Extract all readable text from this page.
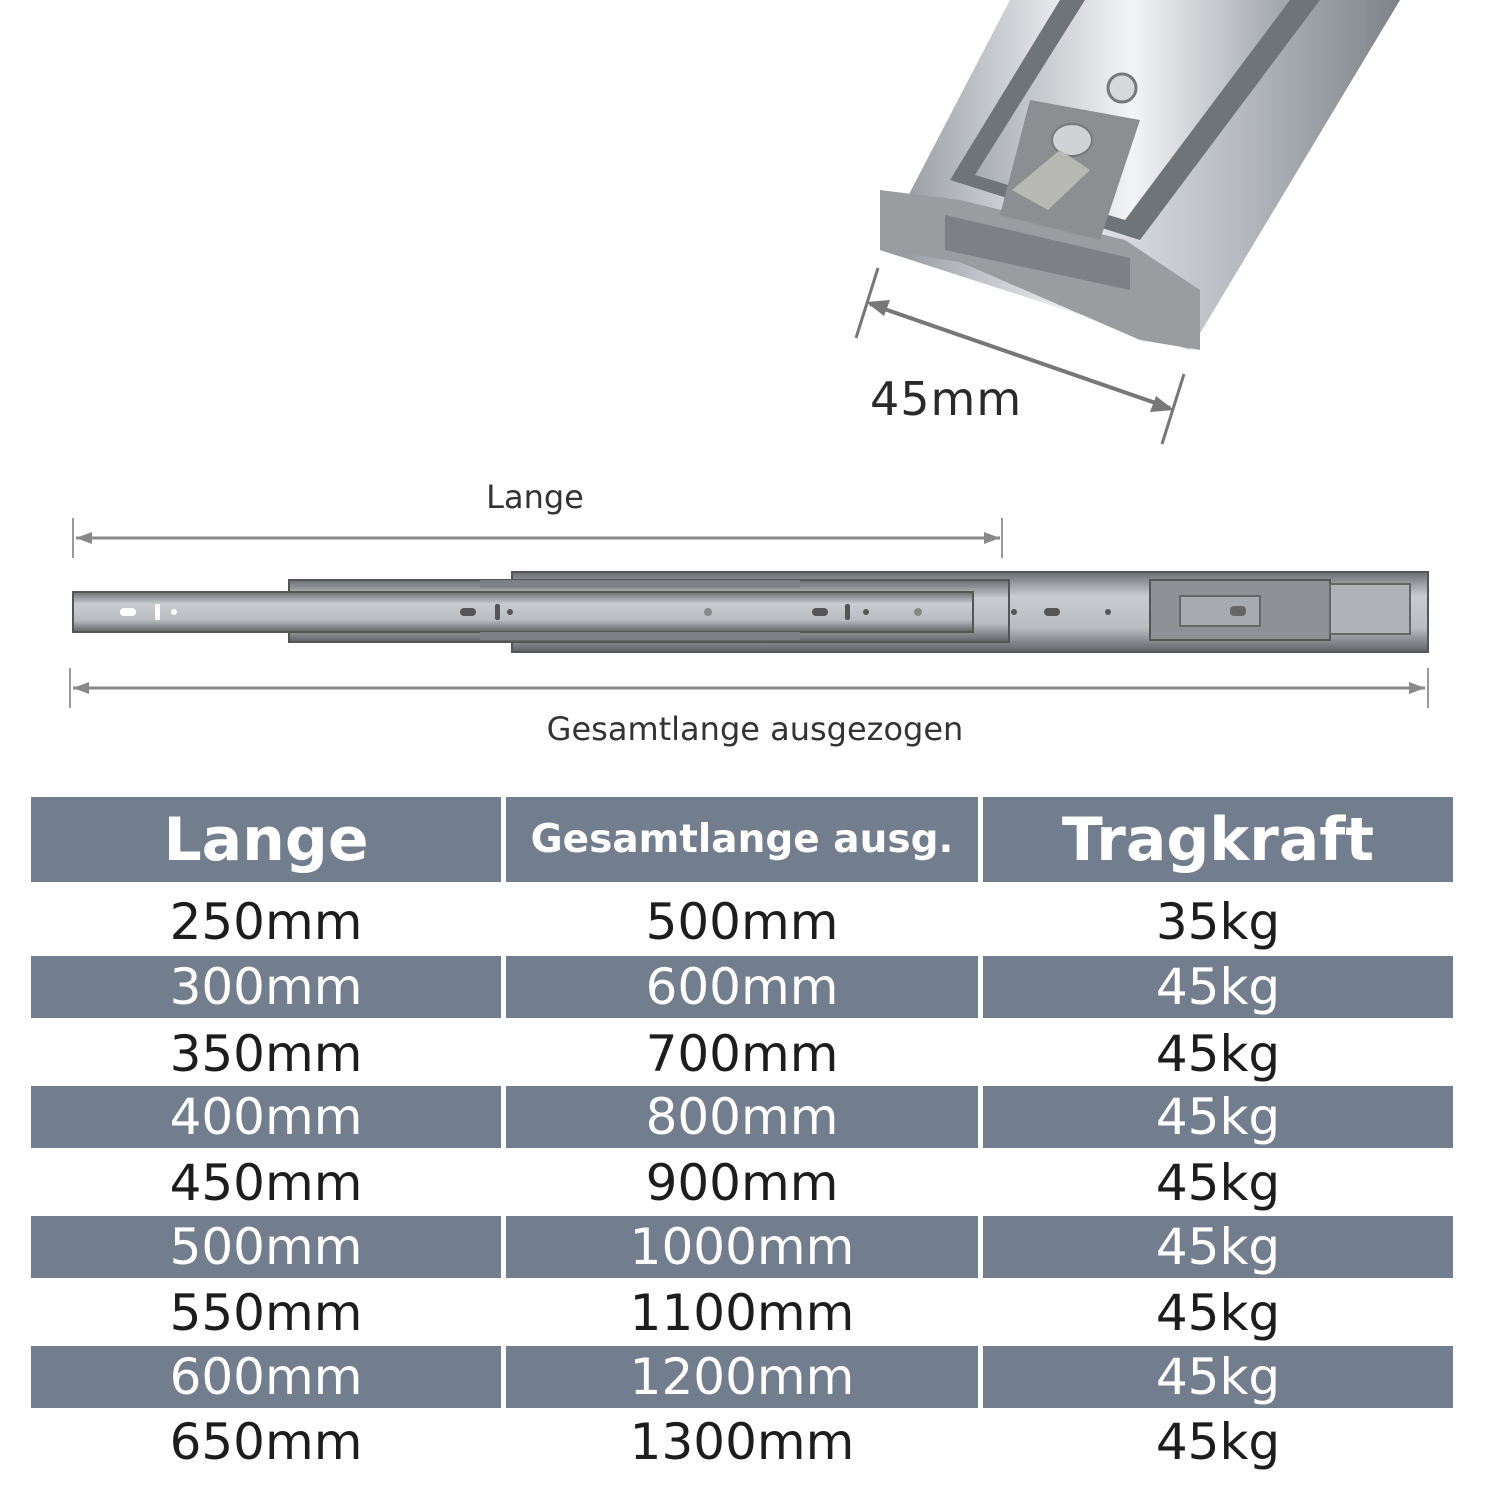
45mm
Lange
Gesamtlange ausgezogen
Lange	Gesamtlange ausg.	Tragkraft
250mm	500mm	35kg
300mm	600mm	45kg
350mm	700mm	45kg
400mm	800mm	45kg
450mm	900mm	45kg
500mm	1000mm	45kg
550mm	1100mm	45kg
600mm	1200mm	45kg
650mm	1300mm	45kg
